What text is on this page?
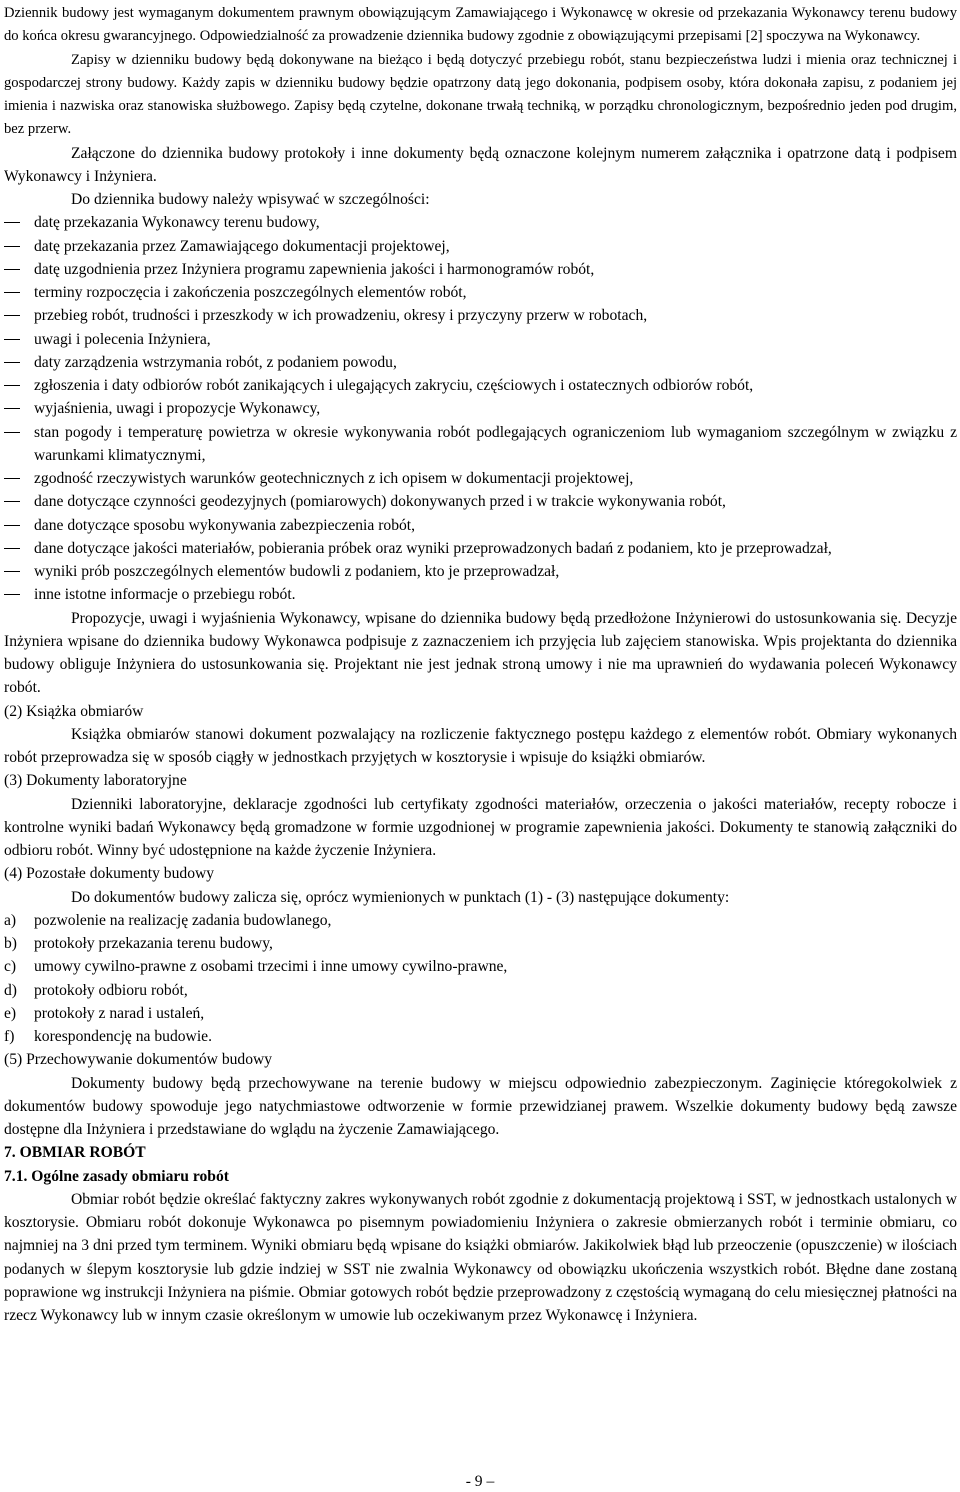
Dziennik budowy jest wymaganym dokumentem prawnym obowiązującym Zamawiającego i Wykonawcę w okresie od przekazania Wykonawcy terenu budowy do końca okresu gwarancyjnego. Odpowiedzialność za prowadzenie dziennika budowy zgodnie z obowiązującymi przepisami [2] spoczywa na Wykonawcy.

Zapisy w dzienniku budowy będą dokonywane na bieżąco i będą dotyczyć przebiegu robót, stanu bezpieczeństwa ludzi i mienia oraz technicznej i gospodarczej strony budowy. Każdy zapis w dzienniku budowy będzie opatrzony datą jego dokonania, podpisem osoby, która dokonała zapisu, z podaniem jej imienia i nazwiska oraz stanowiska służbowego. Zapisy będą czytelne, dokonane trwałą techniką, w porządku chronologicznym, bezpośrednio jeden pod drugim, bez przerw.

Załączone do dziennika budowy protokoły i inne dokumenty będą oznaczone kolejnym numerem załącznika i opatrzone datą i podpisem Wykonawcy i Inżyniera.

Do dziennika budowy należy wpisywać w szczególności:

datę przekazania Wykonawcy terenu budowy,
datę przekazania przez Zamawiającego dokumentacji projektowej,
datę uzgodnienia przez Inżyniera programu zapewnienia jakości i harmonogramów robót,
terminy rozpoczęcia i zakończenia poszczególnych elementów robót,
przebieg robót, trudności i przeszkody w ich prowadzeniu, okresy i przyczyny przerw w robotach,
uwagi i polecenia Inżyniera,
daty zarządzenia wstrzymania robót, z podaniem powodu,
zgłoszenia i daty odbiorów robót zanikających i ulegających zakryciu, częściowych i ostatecznych odbiorów robót,
wyjaśnienia, uwagi i propozycje Wykonawcy,
stan pogody i temperaturę powietrza w okresie wykonywania robót podlegających ograniczeniom lub wymaganiom szczególnym w związku z warunkami klimatycznymi,
zgodność rzeczywistych warunków geotechnicznych z ich opisem w dokumentacji projektowej,
dane dotyczące czynności geodezyjnych (pomiarowych) dokonywanych przed i w trakcie wykonywania robót,
dane dotyczące sposobu wykonywania zabezpieczenia robót,
dane dotyczące jakości materiałów, pobierania próbek oraz wyniki przeprowadzonych badań z podaniem, kto je przeprowadzał,
wyniki prób poszczególnych elementów budowli z podaniem, kto je przeprowadzał,
inne istotne informacje o przebiegu robót.

Propozycje, uwagi i wyjaśnienia Wykonawcy, wpisane do dziennika budowy będą przedłożone Inżynierowi do ustosunkowania się. Decyzje Inżyniera wpisane do dziennika budowy Wykonawca podpisuje z zaznaczeniem ich przyjęcia lub zajęciem stanowiska. Wpis projektanta do dziennika budowy obliguje Inżyniera do ustosunkowania się. Projektant nie jest jednak stroną umowy i nie ma uprawnień do wydawania poleceń Wykonawcy robót.

(2) Książka obmiarów

Książka obmiarów stanowi dokument pozwalający na rozliczenie faktycznego postępu każdego z elementów robót. Obmiary wykonanych robót przeprowadza się w sposób ciągły w jednostkach przyjętych w kosztorysie i wpisuje do książki obmiarów.

(3) Dokumenty laboratoryjne

Dzienniki laboratoryjne, deklaracje zgodności lub certyfikaty zgodności materiałów, orzeczenia o jakości materiałów, recepty robocze i kontrolne wyniki badań Wykonawcy będą gromadzone w formie uzgodnionej w programie zapewnienia jakości. Dokumenty te stanowią załączniki do odbioru robót. Winny być udostępnione na każde życzenie Inżyniera.

(4) Pozostałe dokumenty budowy

Do dokumentów budowy zalicza się, oprócz wymienionych w punktach (1) - (3) następujące dokumenty:

a) pozwolenie na realizację zadania budowlanego,
b) protokoły przekazania terenu budowy,
c) umowy cywilno-prawne z osobami trzecimi i inne umowy cywilno-prawne,
d) protokoły odbioru robót,
e) protokoły z narad i ustaleń,
f) korespondencję na budowie.

(5) Przechowywanie dokumentów budowy

Dokumenty budowy będą przechowywane na terenie budowy w miejscu odpowiednio zabezpieczonym. Zaginięcie któregokolwiek z dokumentów budowy spowoduje jego natychmiastowe odtworzenie w formie przewidzianej prawem. Wszelkie dokumenty budowy będą zawsze dostępne dla Inżyniera i przedstawiane do wglądu na życzenie Zamawiającego.

7. OBMIAR ROBÓT

7.1. Ogólne zasady obmiaru robót

Obmiar robót będzie określać faktyczny zakres wykonywanych robót zgodnie z dokumentacją projektową i SST, w jednostkach ustalonych w kosztorysie. Obmiaru robót dokonuje Wykonawca po pisemnym powiadomieniu Inżyniera o zakresie obmierzanych robót i terminie obmiaru, co najmniej na 3 dni przed tym terminem. Wyniki obmiaru będą wpisane do książki obmiarów. Jakikolwiek błąd lub przeoczenie (opuszczenie) w ilościach podanych w ślepym kosztorysie lub gdzie indziej w SST nie zwalnia Wykonawcy od obowiązku ukończenia wszystkich robót. Błędne dane zostaną poprawione wg instrukcji Inżyniera na piśmie. Obmiar gotowych robót będzie przeprowadzony z częstością wymaganą do celu miesięcznej płatności na rzecz Wykonawcy lub w innym czasie określonym w umowie lub oczekiwanym przez Wykonawcę i Inżyniera.

- 9 –
